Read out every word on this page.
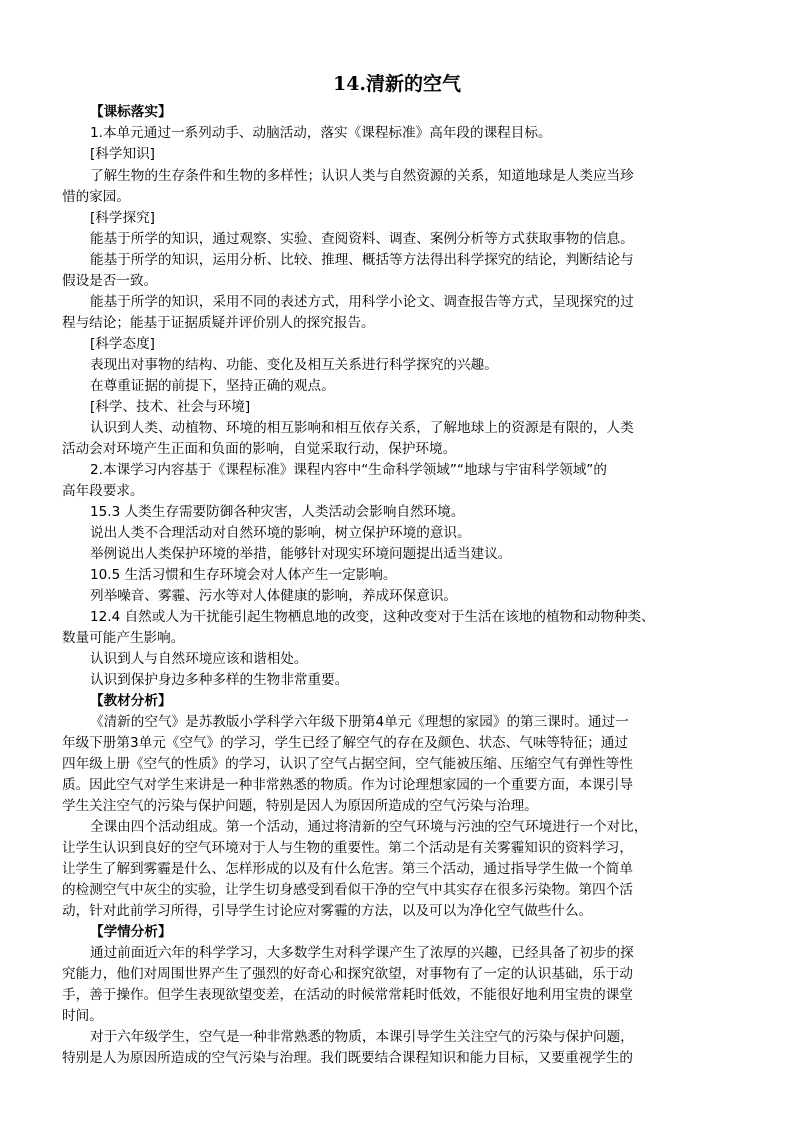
14.清新的空气
【课标落实】
1.本单元通过一系列动手、动脑活动，落实《课程标准》高年段的课程目标。
[科学知识]
了解生物的生存条件和生物的多样性；认识人类与自然资源的关系，知道地球是人类应当珍
惜的家园。
[科学探究]
能基于所学的知识，通过观察、实验、查阅资料、调查、案例分析等方式获取事物的信息。
能基于所学的知识，运用分析、比较、推理、概括等方法得出科学探究的结论，判断结论与
假设是否一致。
能基于所学的知识，采用不同的表述方式，用科学小论文、调查报告等方式，呈现探究的过
程与结论；能基于证据质疑并评价别人的探究报告。
[科学态度]
表现出对事物的结构、功能、变化及相互关系进行科学探究的兴趣。
在尊重证据的前提下，坚持正确的观点。
[科学、技术、社会与环境]
认识到人类、动植物、环境的相互影响和相互依存关系，了解地球上的资源是有限的，人类
活动会对环境产生正面和负面的影响，自觉采取行动，保护环境。
2.本课学习内容基于《课程标准》课程内容中“生命科学领域”“地球与宇宙科学领域”的
高年段要求。
15.3 人类生存需要防御各种灾害，人类活动会影响自然环境。
说出人类不合理活动对自然环境的影响，树立保护环境的意识。
举例说出人类保护环境的举措，能够针对现实环境问题提出适当建议。
10.5 生活习惯和生存环境会对人体产生一定影响。
列举噪音、雾霾、污水等对人体健康的影响，养成环保意识。
12.4 自然或人为干扰能引起生物栖息地的改变，这种改变对于生活在该地的植物和动物种类、
数量可能产生影响。
认识到人与自然环境应该和谐相处。
认识到保护身边多种多样的生物非常重要。
【教材分析】
《清新的空气》是苏教版小学科学六年级下册第4单元《理想的家园》的第三课时。通过一
年级下册第3单元《空气》的学习，学生已经了解空气的存在及颜色、状态、气味等特征；通过
四年级上册《空气的性质》的学习，认识了空气占据空间，空气能被压缩、压缩空气有弹性等性
质。因此空气对学生来讲是一种非常熟悉的物质。作为讨论理想家园的一个重要方面，本课引导
学生关注空气的污染与保护问题，特别是因人为原因所造成的空气污染与治理。
全课由四个活动组成。第一个活动，通过将清新的空气环境与污浊的空气环境进行一个对比，
让学生认识到良好的空气环境对于人与生物的重要性。第二个活动是有关雾霾知识的资料学习，
让学生了解到雾霾是什么、怎样形成的以及有什么危害。第三个活动，通过指导学生做一个简单
的检测空气中灰尘的实验，让学生切身感受到看似干净的空气中其实存在很多污染物。第四个活
动，针对此前学习所得，引导学生讨论应对雾霾的方法，以及可以为净化空气做些什么。
【学情分析】
通过前面近六年的科学学习，大多数学生对科学课产生了浓厚的兴趣，已经具备了初步的探
究能力，他们对周围世界产生了强烈的好奇心和探究欲望，对事物有了一定的认识基础，乐于动
手，善于操作。但学生表现欲望变差，在活动的时候常常耗时低效，不能很好地利用宝贵的课堂
时间。
对于六年级学生，空气是一种非常熟悉的物质，本课引导学生关注空气的污染与保护问题，
特别是人为原因所造成的空气污染与治理。我们既要结合课程知识和能力目标，又要重视学生的
